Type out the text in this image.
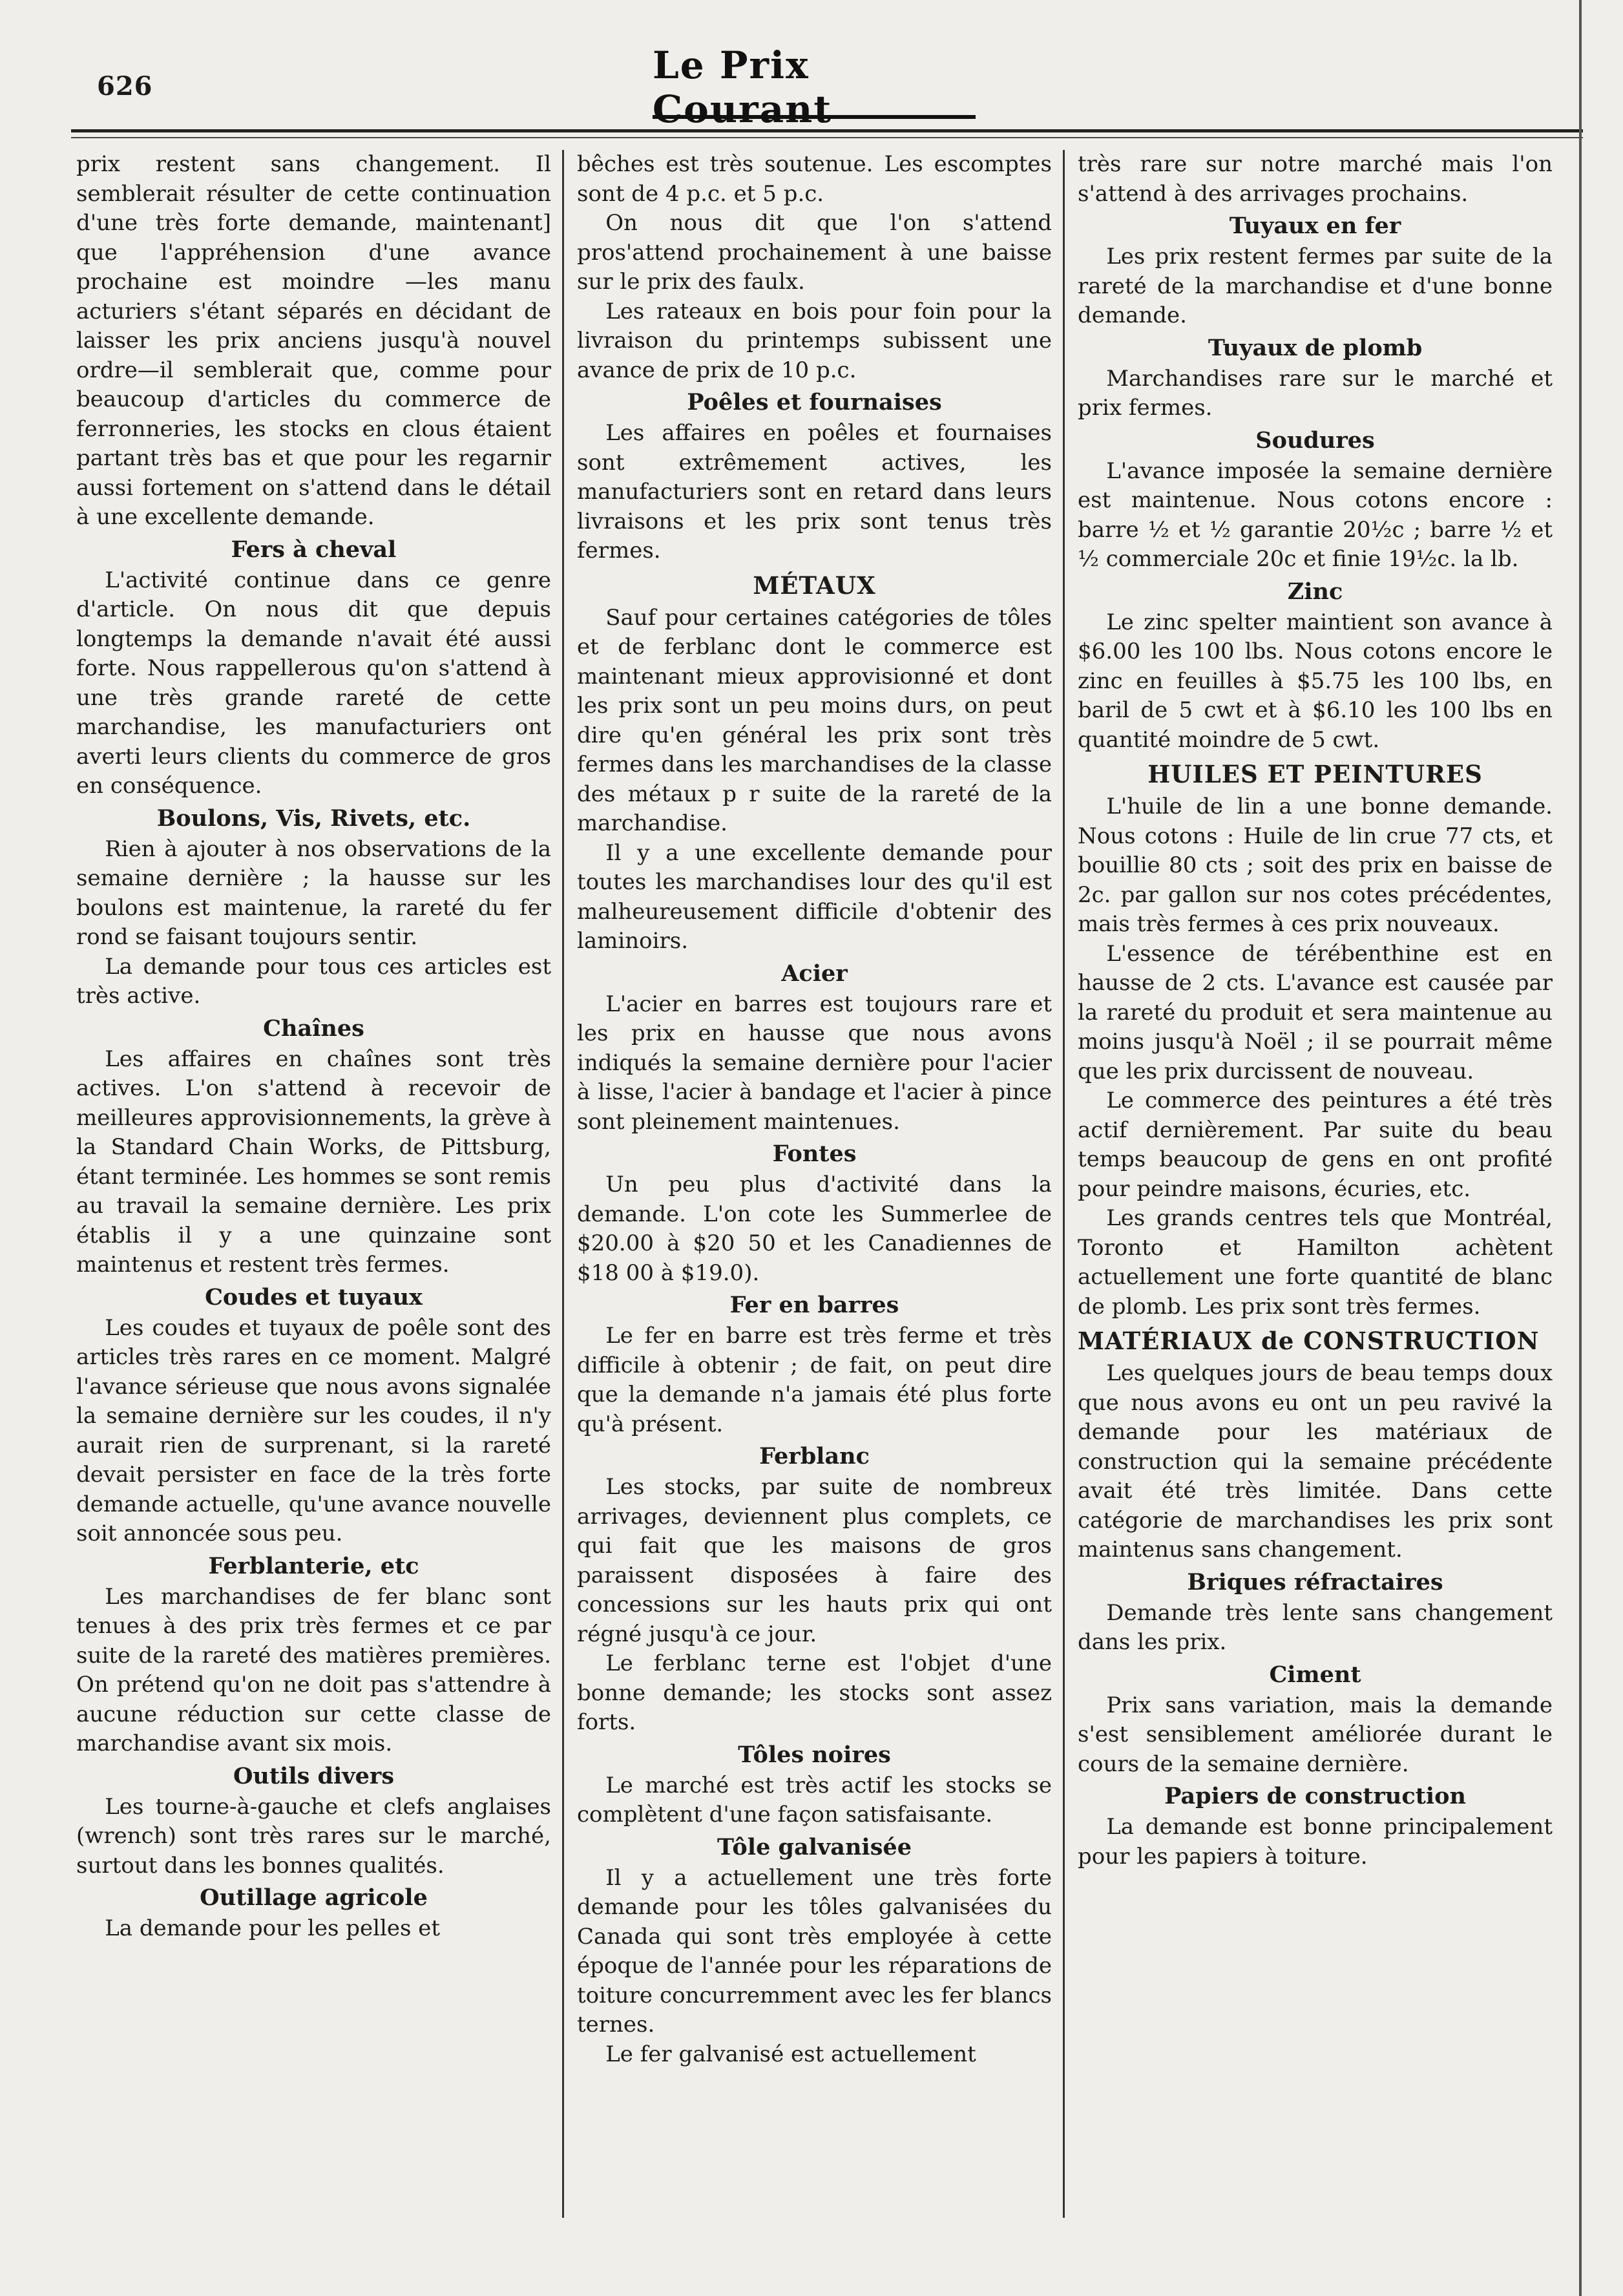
626	Le Prix Courant

prix restent sans changement. Il semblerait résulter de cette continuation d'une très forte demande, maintenant] que l'appréhension d'une avance prochaine est moindre —les manu acturiers s'étant séparés en décidant de laisser les prix anciens jusqu'à nouvel ordre—il semblerait que, comme pour beaucoup d'articles du commerce de ferronneries, les stocks en clous étaient partant très bas et que pour les regarnir aussi fortement on s'attend dans le détail à une excellente demande.

Fers à cheval

L'activité continue dans ce genre d'article. On nous dit que depuis longtemps la demande n'avait été aussi forte. Nous rappellerous qu'on s'attend à une très grande rareté de cette marchandise, les manufacturiers ont averti leurs clients du commerce de gros en conséquence.

Boulons, Vis, Rivets, etc.

Rien à ajouter à nos observations de la semaine dernière ; la hausse sur les boulons est maintenue, la rareté du fer rond se faisant toujours sentir.

La demande pour tous ces articles est très active.

Chaînes

Les affaires en chaînes sont très actives. L'on s'attend à recevoir de meilleures approvisionnements, la grève à la Standard Chain Works, de Pittsburg, étant terminée. Les hommes se sont remis au travail la semaine dernière. Les prix établis il y a une quinzaine sont maintenus et restent très fermes.

Coudes et tuyaux

Les coudes et tuyaux de poêle sont des articles très rares en ce moment. Malgré l'avance sérieuse que nous avons signalée la semaine dernière sur les coudes, il n'y aurait rien de surprenant, si la rareté devait persister en face de la très forte demande actuelle, qu'une avance nouvelle soit annoncée sous peu.

Ferblanterie, etc

Les marchandises de fer blanc sont tenues à des prix très fermes et ce par suite de la rareté des matières premières. On prétend qu'on ne doit pas s'attendre à aucune réduction sur cette classe de marchandise avant six mois.

Outils divers

Les tourne-à-gauche et clefs anglaises (wrench) sont très rares sur le marché, surtout dans les bonnes qualités.

Outillage agricole

La demande pour les pelles et

bêches est très soutenue. Les escomptes sont de 4 p.c. et 5 p.c.

On nous dit que l'on s'attend pros'attend prochainement à une baisse sur le prix des faulx.

Les rateaux en bois pour foin pour la livraison du printemps subissent une avance de prix de 10 p.c.

Poêles et fournaises

Les affaires en poêles et fournaises sont extrêmement actives, les manufacturiers sont en retard dans leurs livraisons et les prix sont tenus très fermes.

MÉTAUX

Sauf pour certaines catégories de tôles et de ferblanc dont le commerce est maintenant mieux approvisionné et dont les prix sont un peu moins durs, on peut dire qu'en général les prix sont très fermes dans les marchandises de la classe des métaux p r suite de la rareté de la marchandise.

Il y a une excellente demande pour toutes les marchandises lour des qu'il est malheureusement difficile d'obtenir des laminoirs.

Acier

L'acier en barres est toujours rare et les prix en hausse que nous avons indiqués la semaine dernière pour l'acier à lisse, l'acier à bandage et l'acier à pince sont pleinement maintenues.

Fontes

Un peu plus d'activité dans la demande. L'on cote les Summerlee de $20.00 à $20 50 et les Canadiennes de $18 00 à $19.0).

Fer en barres

Le fer en barre est très ferme et très difficile à obtenir ; de fait, on peut dire que la demande n'a jamais été plus forte qu'à présent.

Ferblanc

Les stocks, par suite de nombreux arrivages, deviennent plus complets, ce qui fait que les maisons de gros paraissent disposées à faire des concessions sur les hauts prix qui ont régné jusqu'à ce jour.

Le ferblanc terne est l'objet d'une bonne demande; les stocks sont assez forts.

Tôles noires

Le marché est très actif les stocks se complètent d'une façon satisfaisante.

Tôle galvanisée

Il y a actuellement une très forte demande pour les tôles galvanisées du Canada qui sont très employée à cette époque de l'année pour les réparations de toiture concurremment avec les fer blancs ternes.

Le fer galvanisé est actuellement

très rare sur notre marché mais l'on s'attend à des arrivages prochains.

Tuyaux en fer

Les prix restent fermes par suite de la rareté de la marchandise et d'une bonne demande.

Tuyaux de plomb

Marchandises rare sur le marché et prix fermes.

Soudures

L'avance imposée la semaine dernière est maintenue. Nous cotons encore : barre ½ et ½ garantie 20½c ; barre ½ et ½ commerciale 20c et finie 19½c. la lb.

Zinc

Le zinc spelter maintient son avance à $6.00 les 100 lbs. Nous cotons encore le zinc en feuilles à $5.75 les 100 lbs, en baril de 5 cwt et à $6.10 les 100 lbs en quantité moindre de 5 cwt.

HUILES ET PEINTURES

L'huile de lin a une bonne demande. Nous cotons : Huile de lin crue 77 cts, et bouillie 80 cts ; soit des prix en baisse de 2c. par gallon sur nos cotes précédentes, mais très fermes à ces prix nouveaux.

L'essence de térébenthine est en hausse de 2 cts. L'avance est causée par la rareté du produit et sera maintenue au moins jusqu'à Noël ; il se pourrait même que les prix durcissent de nouveau.

Le commerce des peintures a été très actif dernièrement. Par suite du beau temps beaucoup de gens en ont profité pour peindre maisons, écuries, etc.

Les grands centres tels que Montréal, Toronto et Hamilton achètent actuellement une forte quantité de blanc de plomb. Les prix sont très fermes.

MATÉRIAUX de CONSTRUCTION

Les quelques jours de beau temps doux que nous avons eu ont un peu ravivé la demande pour les matériaux de construction qui la semaine précédente avait été très limitée. Dans cette catégorie de marchandises les prix sont maintenus sans changement.

Briques réfractaires

Demande très lente sans changement dans les prix.

Ciment

Prix sans variation, mais la demande s'est sensiblement améliorée durant le cours de la semaine dernière.

Papiers de construction

La demande est bonne principalement pour les papiers à toiture.
